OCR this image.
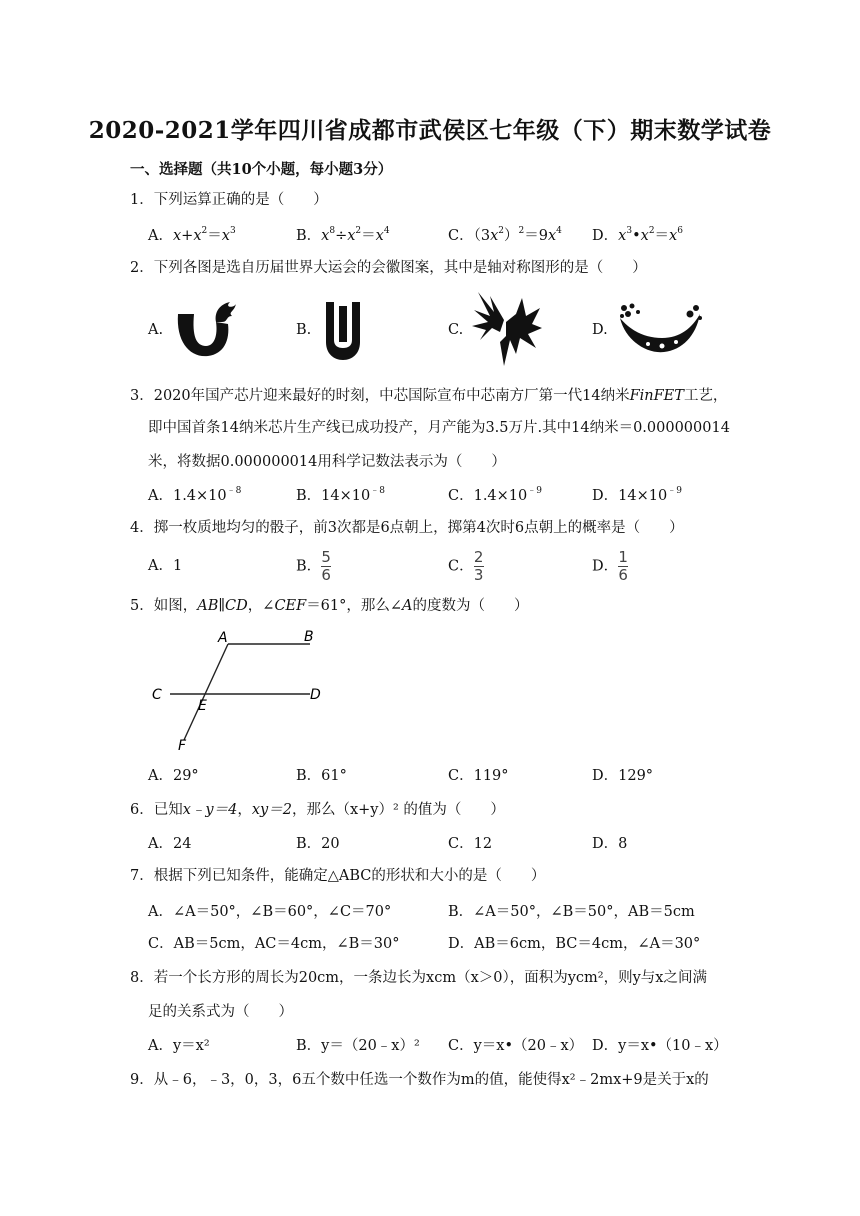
2020-2021学年四川省成都市武侯区七年级（下）期末数学试卷
一、选择题（共10个小题，每小题3分）
1．下列运算正确的是（　　）
A．$x+x^2=x^3$	B．$x^8\div x^2=x^4$	C．$(3x^2)^2=9x^4$ D．$x^3•x^2=x^6$
2．下列各图是选自历届世界大运会的会徽图案，其中是轴对称图形的是（　　）
A.	B.	C.	D.
3．2020年国产芯片迎来最好的时刻，中芯国际宣布中芯南方厂第一代14纳米FinFET工艺，
即中国首条14纳米芯片生产线已成功投产，月产能为3.5万片.其中14纳米＝0.000000014
米，将数据0.000000014用科学记数法表示为（　　）
A．$1.4\times 10^{﹣8}$	B．$14\times 10^{﹣8}$	C．$1.4\times 10^{﹣9}$	D．$14\times 10^{﹣9}$
4．掷一枚质地均匀的骰子，前3次都是6点朝上，掷第4次时6点朝上的概率是（　　）
A．1	B． $\frac{5}{6}$	C． $\frac{2}{3}$	D． $\frac{1}{6}$
5．如图，AB∥CD，∠CEF＝61°，那么∠A的度数为（　　）
A	B
C	D
E
F
A．29°	B．61°	C．119°	D．129°
6．已知x﹣y＝4，xy＝2，那么（x+y）² 的值为（　　）
A．24	B．20	C．12	D．8
7．根据下列已知条件，能确定△ABC的形状和大小的是（　　）
A．∠A＝50°，∠B＝60°，∠C＝70°	B．∠A＝50°，∠B＝50°，AB＝5cm
C．AB＝5cm，AC＝4cm，∠B＝30°	D．AB＝6cm，BC＝4cm，∠A＝30°
8．若一个长方形的周长为20cm，一条边长为xcm（x＞0），面积为ycm²，则y与x之间满
足的关系式为（　　）
A．y＝x²	B．y＝（20﹣x）² C．y＝x•（20﹣x） D．y＝x•（10﹣x）
9．从﹣6，﹣3，0，3，6五个数中任选一个数作为m的值，能使得x²﹣2mx+9是关于x的
